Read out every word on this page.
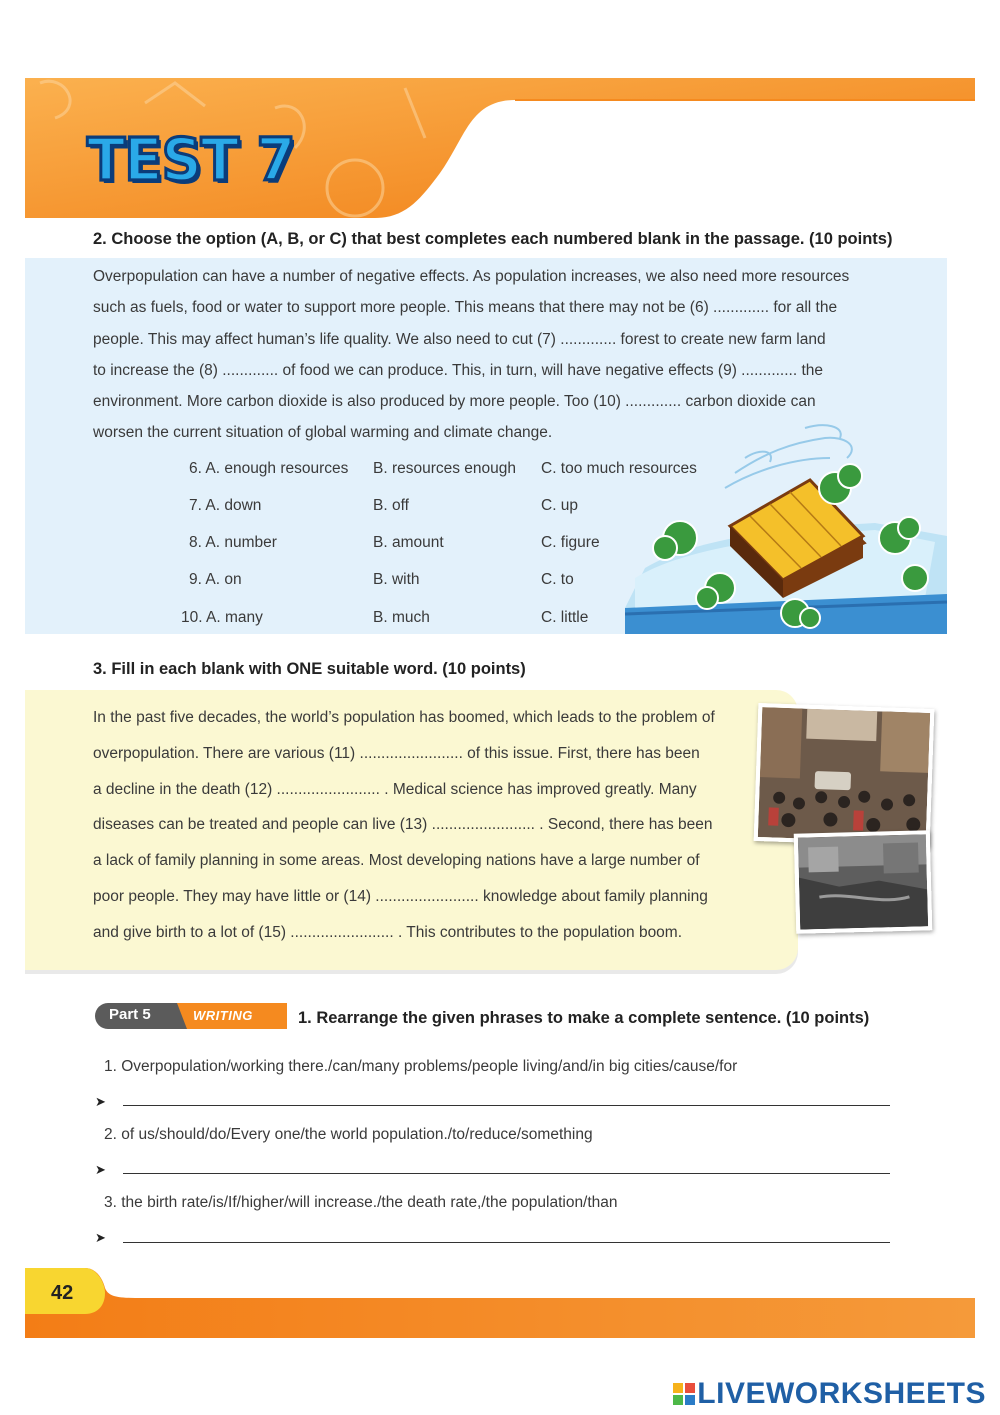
TEST 7
2. Choose the option (A, B, or C) that best completes each numbered blank in the passage. (10 points)
Overpopulation can have a number of negative effects. As population increases, we also need more resources
such as fuels, food or water to support more people. This means that there may not be (6) ............. for all the
people. This may affect human’s life quality. We also need to cut (7) ............. forest to create new farm land
to increase the (8) ............. of food we can produce. This, in turn, will have negative effects (9) ............. the
environment. More carbon dioxide is also produced by more people. Too (10) ............. carbon dioxide can
worsen the current situation of global warming and climate change.
6. A. enough resources B. resources enough C. too much resources
7. A. down	B. off	C. up
8. A. number	B. amount	C. figure
9. A. on	B. with	C. to
10. A. many	B. much	C. little
3. Fill in each blank with ONE suitable word. (10 points)
In the past five decades, the world’s population has boomed, which leads to the problem of
overpopulation. There are various (11) ........................ of this issue. First, there has been
a decline in the death (12) ........................ . Medical science has improved greatly. Many
diseases can be treated and people can live (13) ........................ . Second, there has been
a lack of family planning in some areas. Most developing nations have a large number of
poor people. They may have little or (14) ........................ knowledge about family planning
and give birth to a lot of (15) ........................ . This contributes to the population boom.
Part 5	WRITING	1. Rearrange the given phrases to make a complete sentence. (10 points)
1. Overpopulation/working there./can/many problems/people living/and/in big cities/cause/for
➤
2. of us/should/do/Every one/the world population./to/reduce/something
➤
3. the birth rate/is/If/higher/will increase./the death rate,/the population/than
➤
42
LIVEWORKSHEETS
